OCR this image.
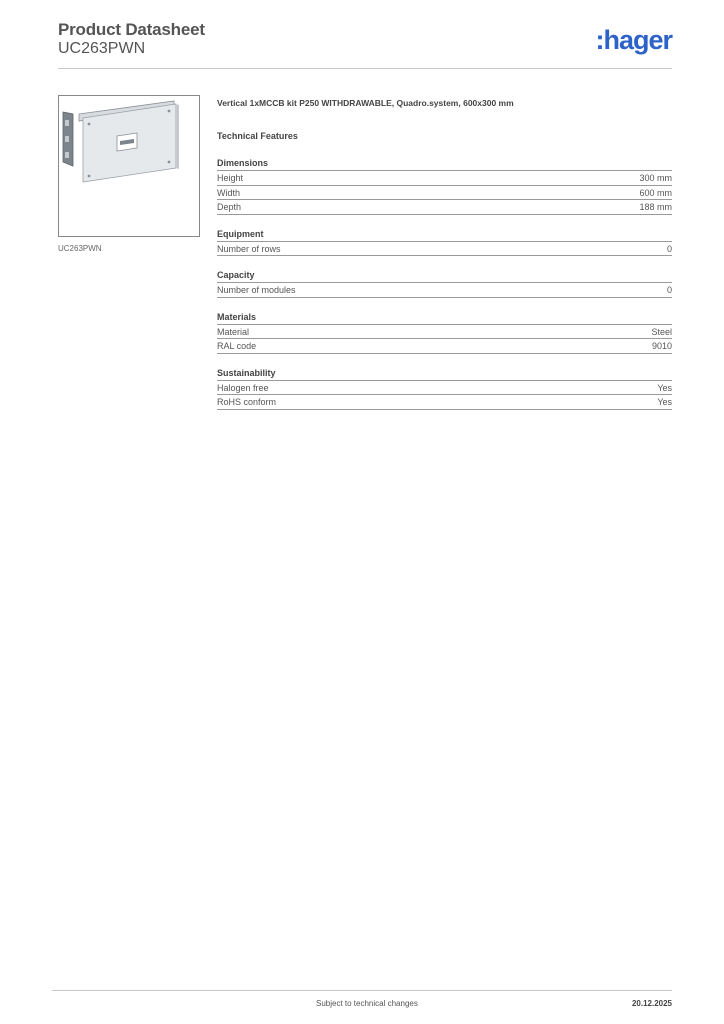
Product Datasheet
UC263PWN	:hager
UC263PWN
Vertical 1xMCCB kit P250 WITHDRAWABLE, Quadro.system, 600x300 mm
Technical Features
Dimensions
Height	300 mm
Width	600 mm
Depth	188 mm
Equipment
Number of rows	0
Capacity
Number of modules	0
Materials
Material	Steel
RAL code	9010
Sustainability
Halogen free	Yes
RoHS conform	Yes
Subject to technical changes	20.12.2025
